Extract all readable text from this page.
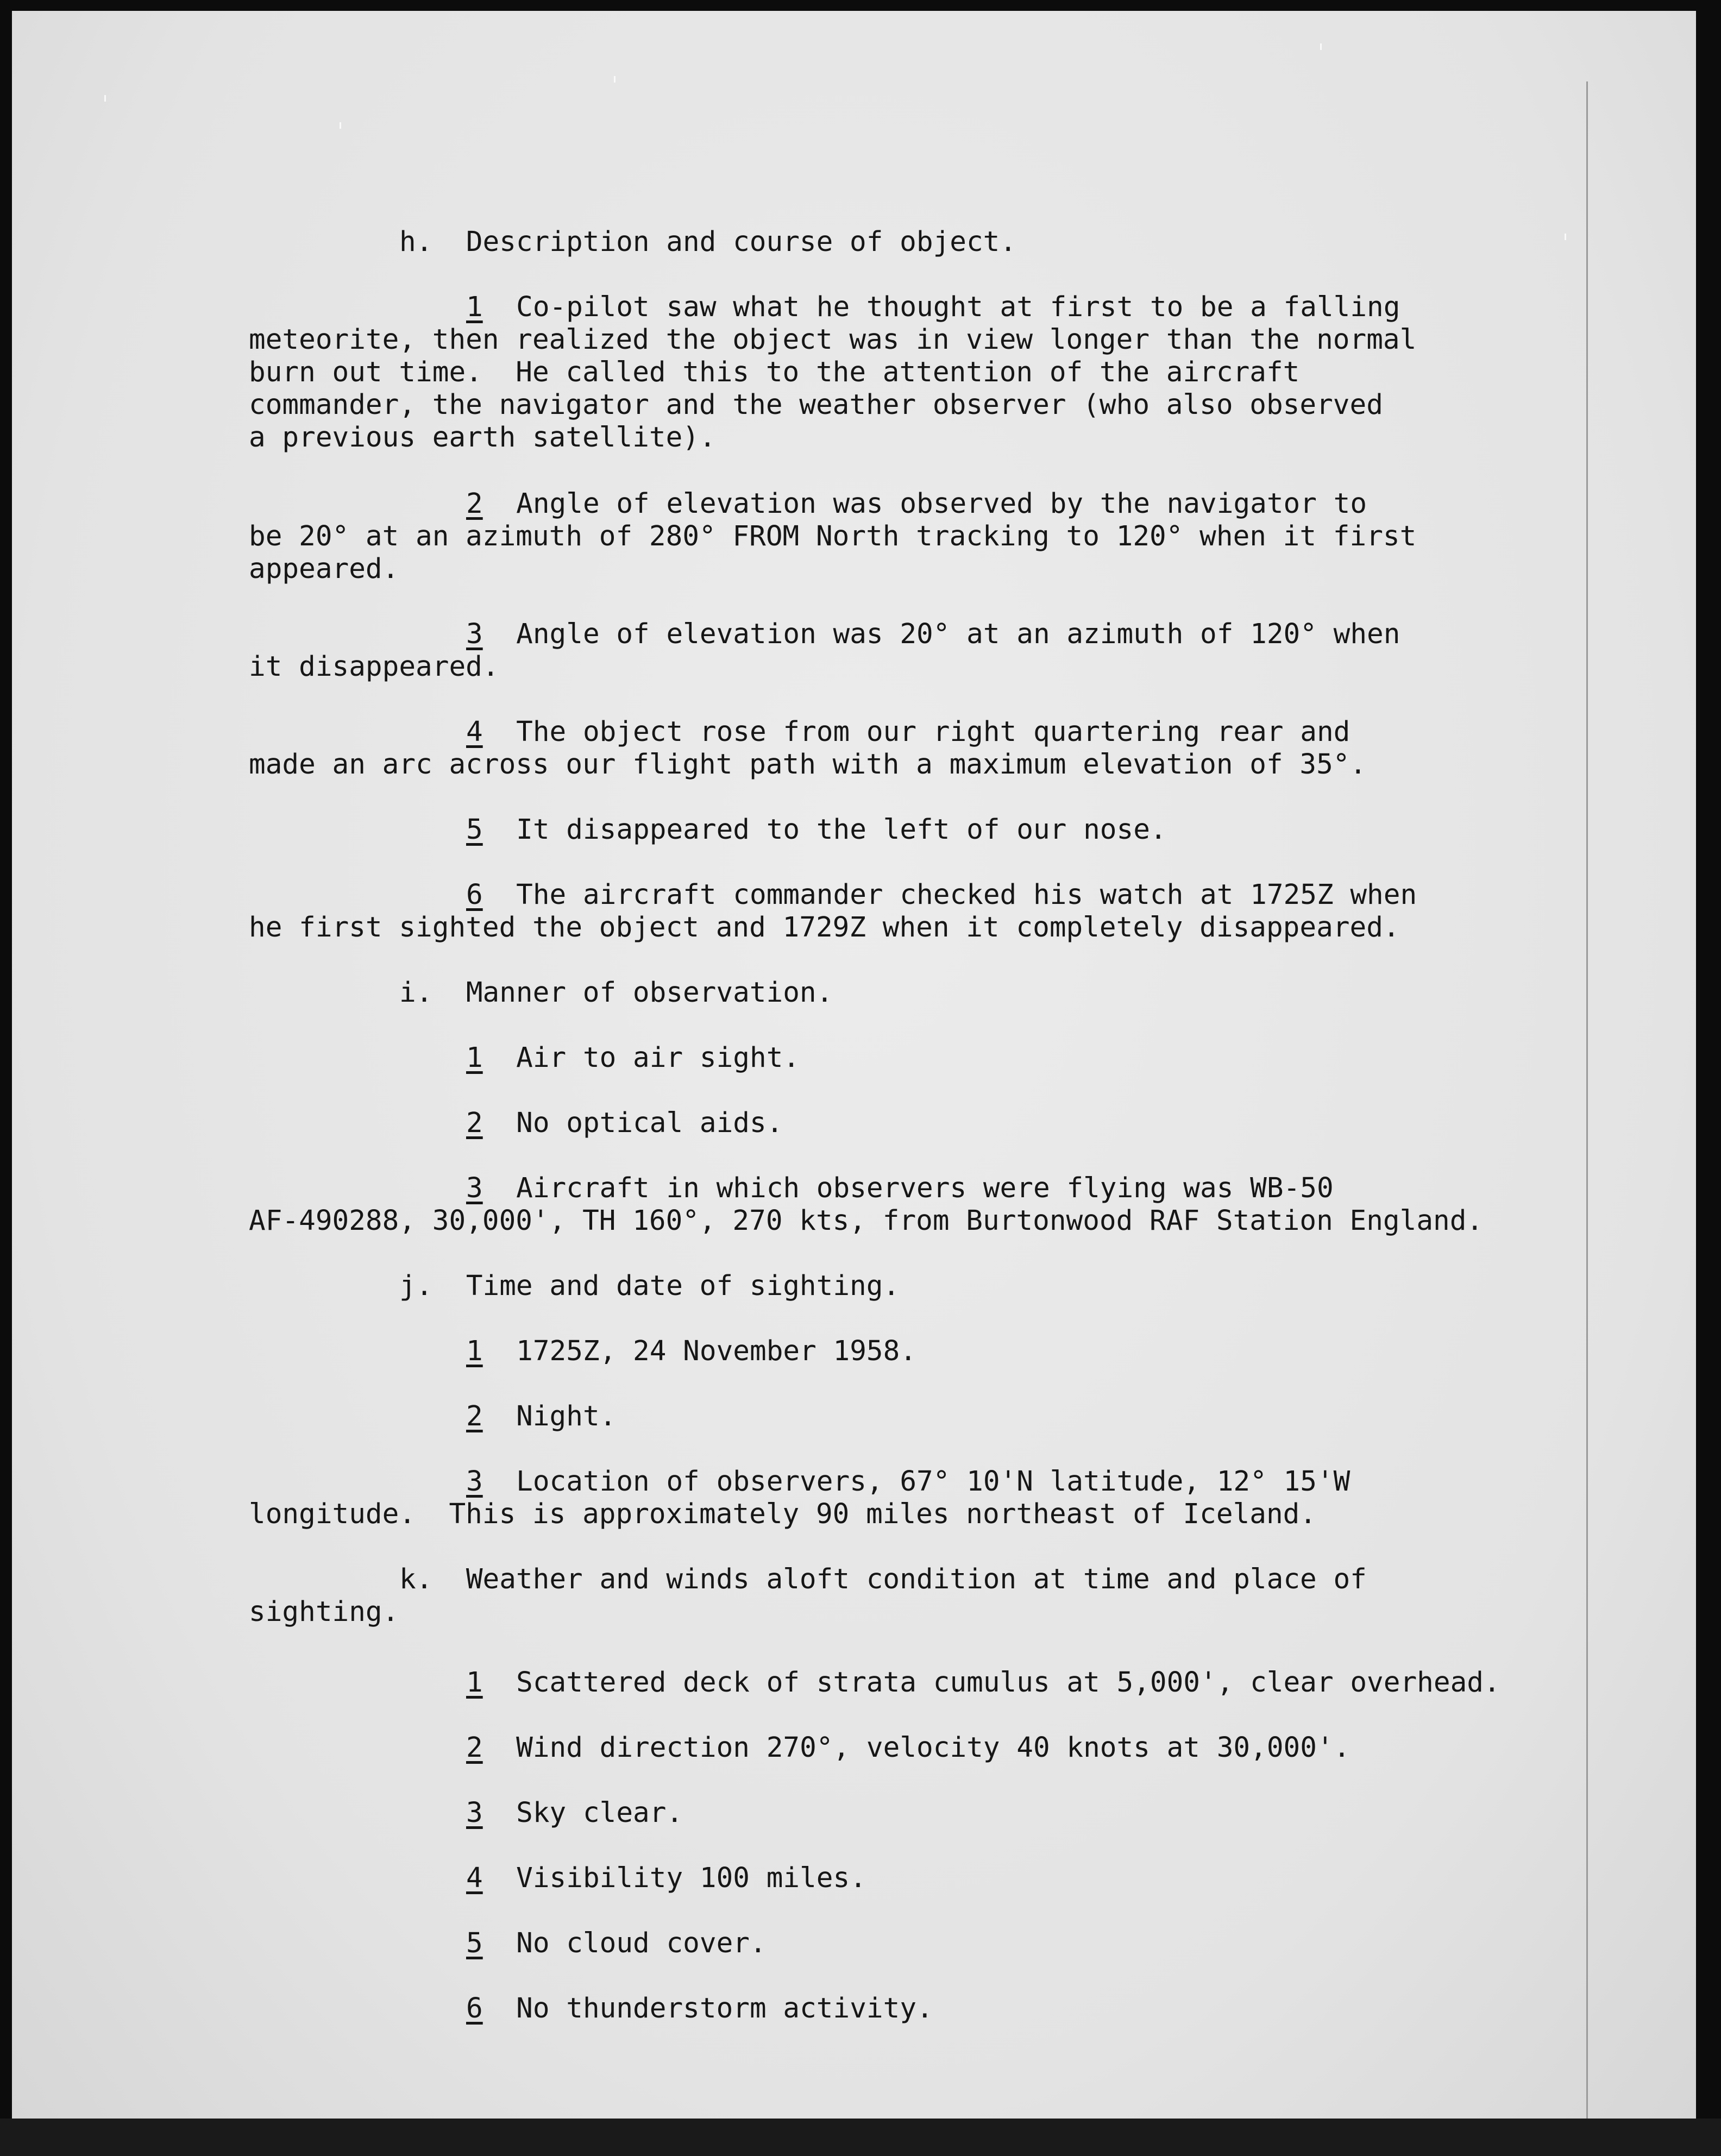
h.  Description and course of object.
1  Co-pilot saw what he thought at first to be a falling
meteorite, then realized the object was in view longer than the normal
burn out time.  He called this to the attention of the aircraft
commander, the navigator and the weather observer (who also observed
a previous earth satellite).
2  Angle of elevation was observed by the navigator to
be 20° at an azimuth of 280° FROM North tracking to 120° when it first
appeared.
3  Angle of elevation was 20° at an azimuth of 120° when
it disappeared.
4  The object rose from our right quartering rear and
made an arc across our flight path with a maximum elevation of 35°.
5  It disappeared to the left of our nose.
6  The aircraft commander checked his watch at 1725Z when
he first sighted the object and 1729Z when it completely disappeared.
i.  Manner of observation.
1  Air to air sight.
2  No optical aids.
3  Aircraft in which observers were flying was WB-50
AF-490288, 30,000', TH 160°, 270 kts, from Burtonwood RAF Station England.
j.  Time and date of sighting.
1  1725Z, 24 November 1958.
2  Night.
3  Location of observers, 67° 10'N latitude, 12° 15'W
longitude.  This is approximately 90 miles northeast of Iceland.
k.  Weather and winds aloft condition at time and place of
sighting.
1  Scattered deck of strata cumulus at 5,000', clear overhead.
2  Wind direction 270°, velocity 40 knots at 30,000'.
3  Sky clear.
4  Visibility 100 miles.
5  No cloud cover.
6  No thunderstorm activity.
